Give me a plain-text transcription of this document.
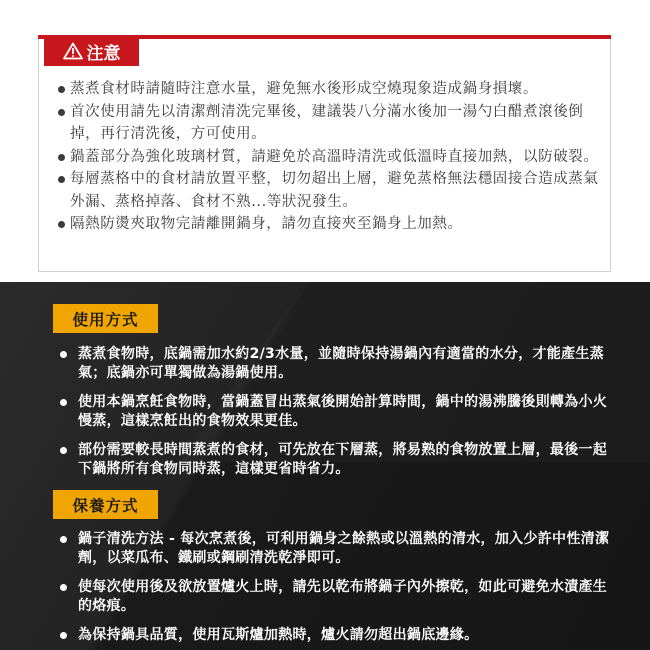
注意
蒸煮食材時請隨時注意水量，避免無水後形成空燒現象造成鍋身損壞。
首次使用請先以清潔劑清洗完畢後，建議裝八分滿水後加一湯勺白醋煮滾後倒掉，再行清洗後，方可使用。
鍋蓋部分為強化玻璃材質，請避免於高溫時清洗或低溫時直接加熱，以防破裂。
每層蒸格中的食材請放置平整，切勿超出上層，避免蒸格無法穩固接合造成蒸氣外漏、蒸格掉落、食材不熟...等狀況發生。
隔熱防燙夾取物完請離開鍋身，請勿直接夾至鍋身上加熱。
使用方式
蒸煮食物時，底鍋需加水約2/3水量，並隨時保持湯鍋內有適當的水分，才能產生蒸氣；底鍋亦可單獨做為湯鍋使用。
使用本鍋烹飪食物時，當鍋蓋冒出蒸氣後開始計算時間，鍋中的湯沸騰後則轉為小火慢蒸，這樣烹飪出的食物效果更佳。
部份需要較長時間蒸煮的食材，可先放在下層蒸，將易熟的食物放置上層，最後一起下鍋將所有食物同時蒸，這樣更省時省力。
保養方式
鍋子清洗方法 - 每次烹煮後，可利用鍋身之餘熱或以溫熱的清水，加入少許中性清潔劑，以菜瓜布、鐵刷或鋼刷清洗乾淨即可。
使每次使用後及欲放置爐火上時，請先以乾布將鍋子內外擦乾，如此可避免水漬產生的烙痕。
為保持鍋具品質，使用瓦斯爐加熱時，爐火請勿超出鍋底邊緣。
